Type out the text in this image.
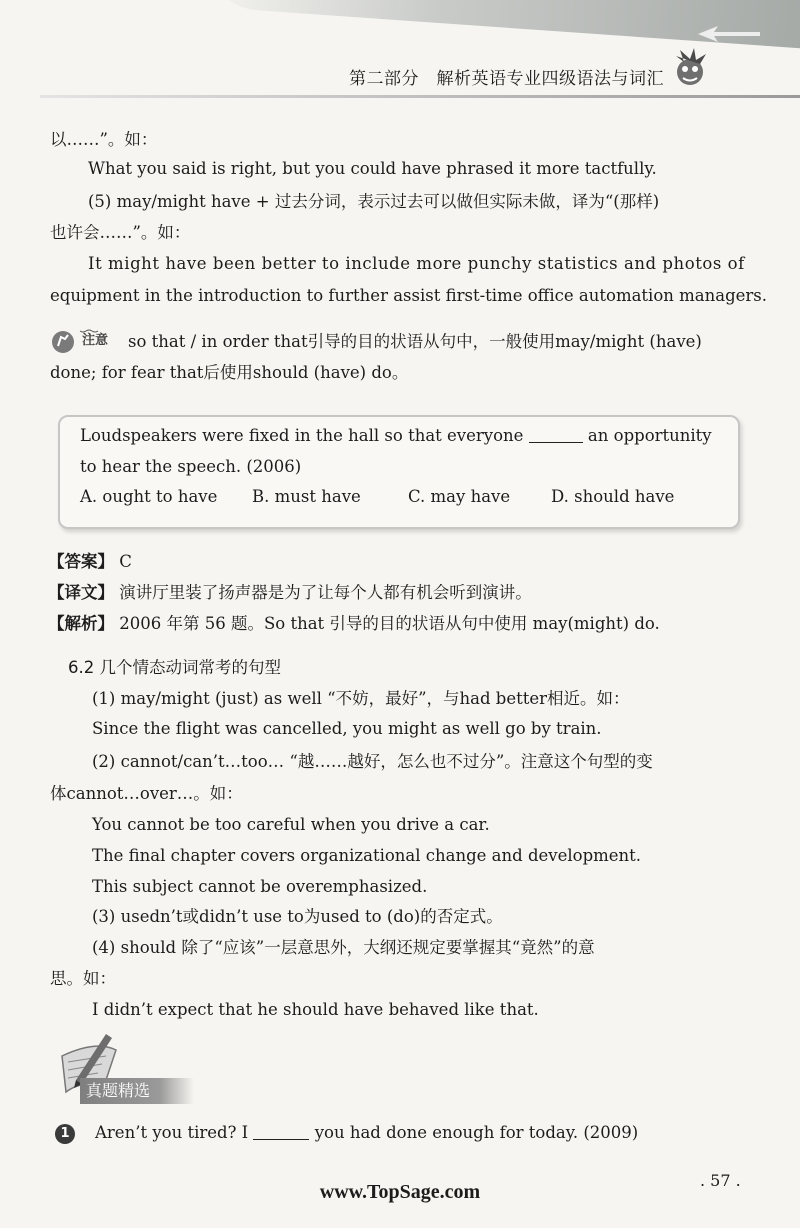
第二部分　解析英语专业四级语法与词汇
以……”。如：
What you said is right, but you could have phrased it more tactfully.
(5) may/might have + 过去分词，表示过去可以做但实际未做，译为“(那样)
也许会……”。如：
It might have been better to include more punchy statistics and photos of
equipment in the introduction to further assist first-time office automation managers.
注意 so that / in order that引导的目的状语从句中，一般使用may/might (have)
done; for fear that后使用should (have) do。
Loudspeakers were fixed in the hall so that everyone	an opportunity
to hear the speech. (2006)
A. ought to have B. must have	C. may have D. should have
【答案】 C
【译文】 演讲厅里装了扬声器是为了让每个人都有机会听到演讲。
【解析】 2006 年第 56 题。So that 引导的目的状语从句中使用 may(might) do.
6.2 几个情态动词常考的句型
(1) may/might (just) as well “不妨，最好”，与had better相近。如：
Since the flight was cancelled, you might as well go by train.
(2) cannot/can’t…too… “越……越好，怎么也不过分”。注意这个句型的变
体cannot…over…。如：
You cannot be too careful when you drive a car.
The final chapter covers organizational change and development.
This subject cannot be overemphasized.
(3) usedn’t或didn’t use to为used to (do)的否定式。
(4) should 除了“应该”一层意思外，大纲还规定要掌握其“竟然”的意
思。如：
I didn’t expect that he should have behaved like that.
真题精选
1	Aren’t you tired? I	you had done enough for today. (2009)
. 57 .
www.TopSage.com
